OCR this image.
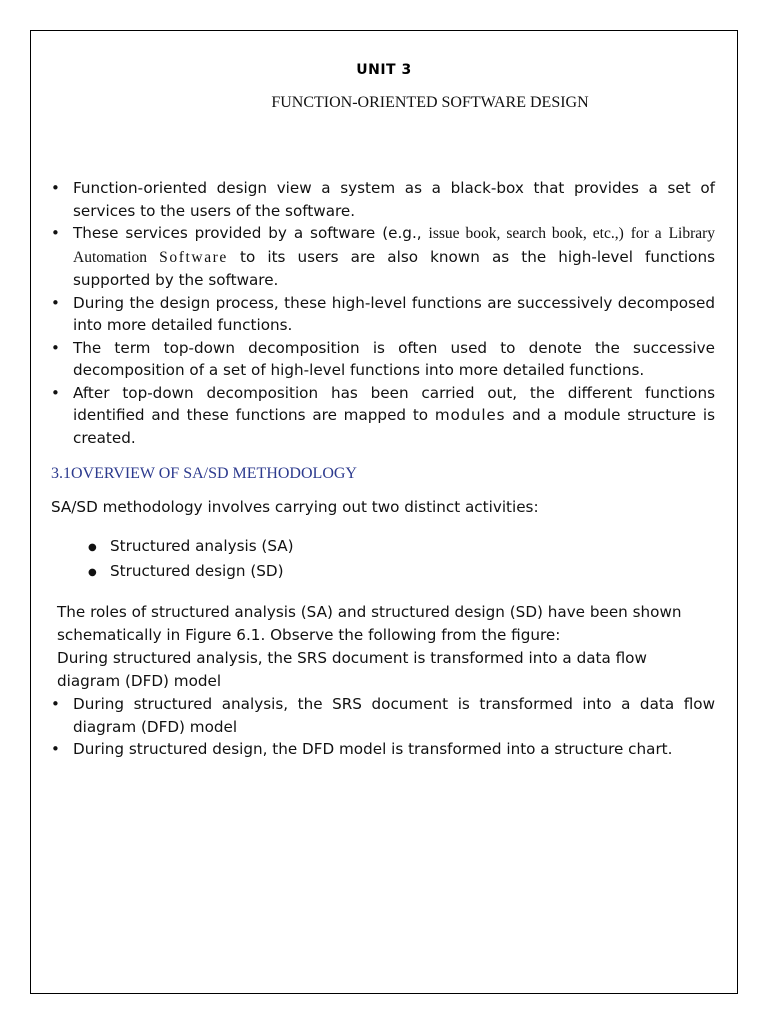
UNIT 3
FUNCTION-ORIENTED SOFTWARE DESIGN
• Function-oriented design view a system as a black-box that provides a set of services to the users of the software.
• These services provided by a software (e.g., issue book, search book, etc.,) for a Library Automation Software to its users are also known as the high-level functions supported by the software.
• During the design process, these high-level functions are successively decomposed into more detailed functions.
• The term top-down decomposition is often used to denote the successive decomposition of a set of high-level functions into more detailed functions.
• After top-down decomposition has been carried out, the different functions identified and these functions are mapped to modules and a module structure is created.
3.1OVERVIEW OF SA/SD METHODOLOGY
SA/SD methodology involves carrying out two distinct activities:
● Structured analysis (SA)
● Structured design (SD)

The roles of structured analysis (SA) and structured design (SD) have been shown schematically in Figure 6.1. Observe the following from the figure:

During structured analysis, the SRS document is transformed into a data flow diagram (DFD) model

• During structured analysis, the SRS document is transformed into a data flow diagram (DFD) model
• During structured design, the DFD model is transformed into a structure chart.
